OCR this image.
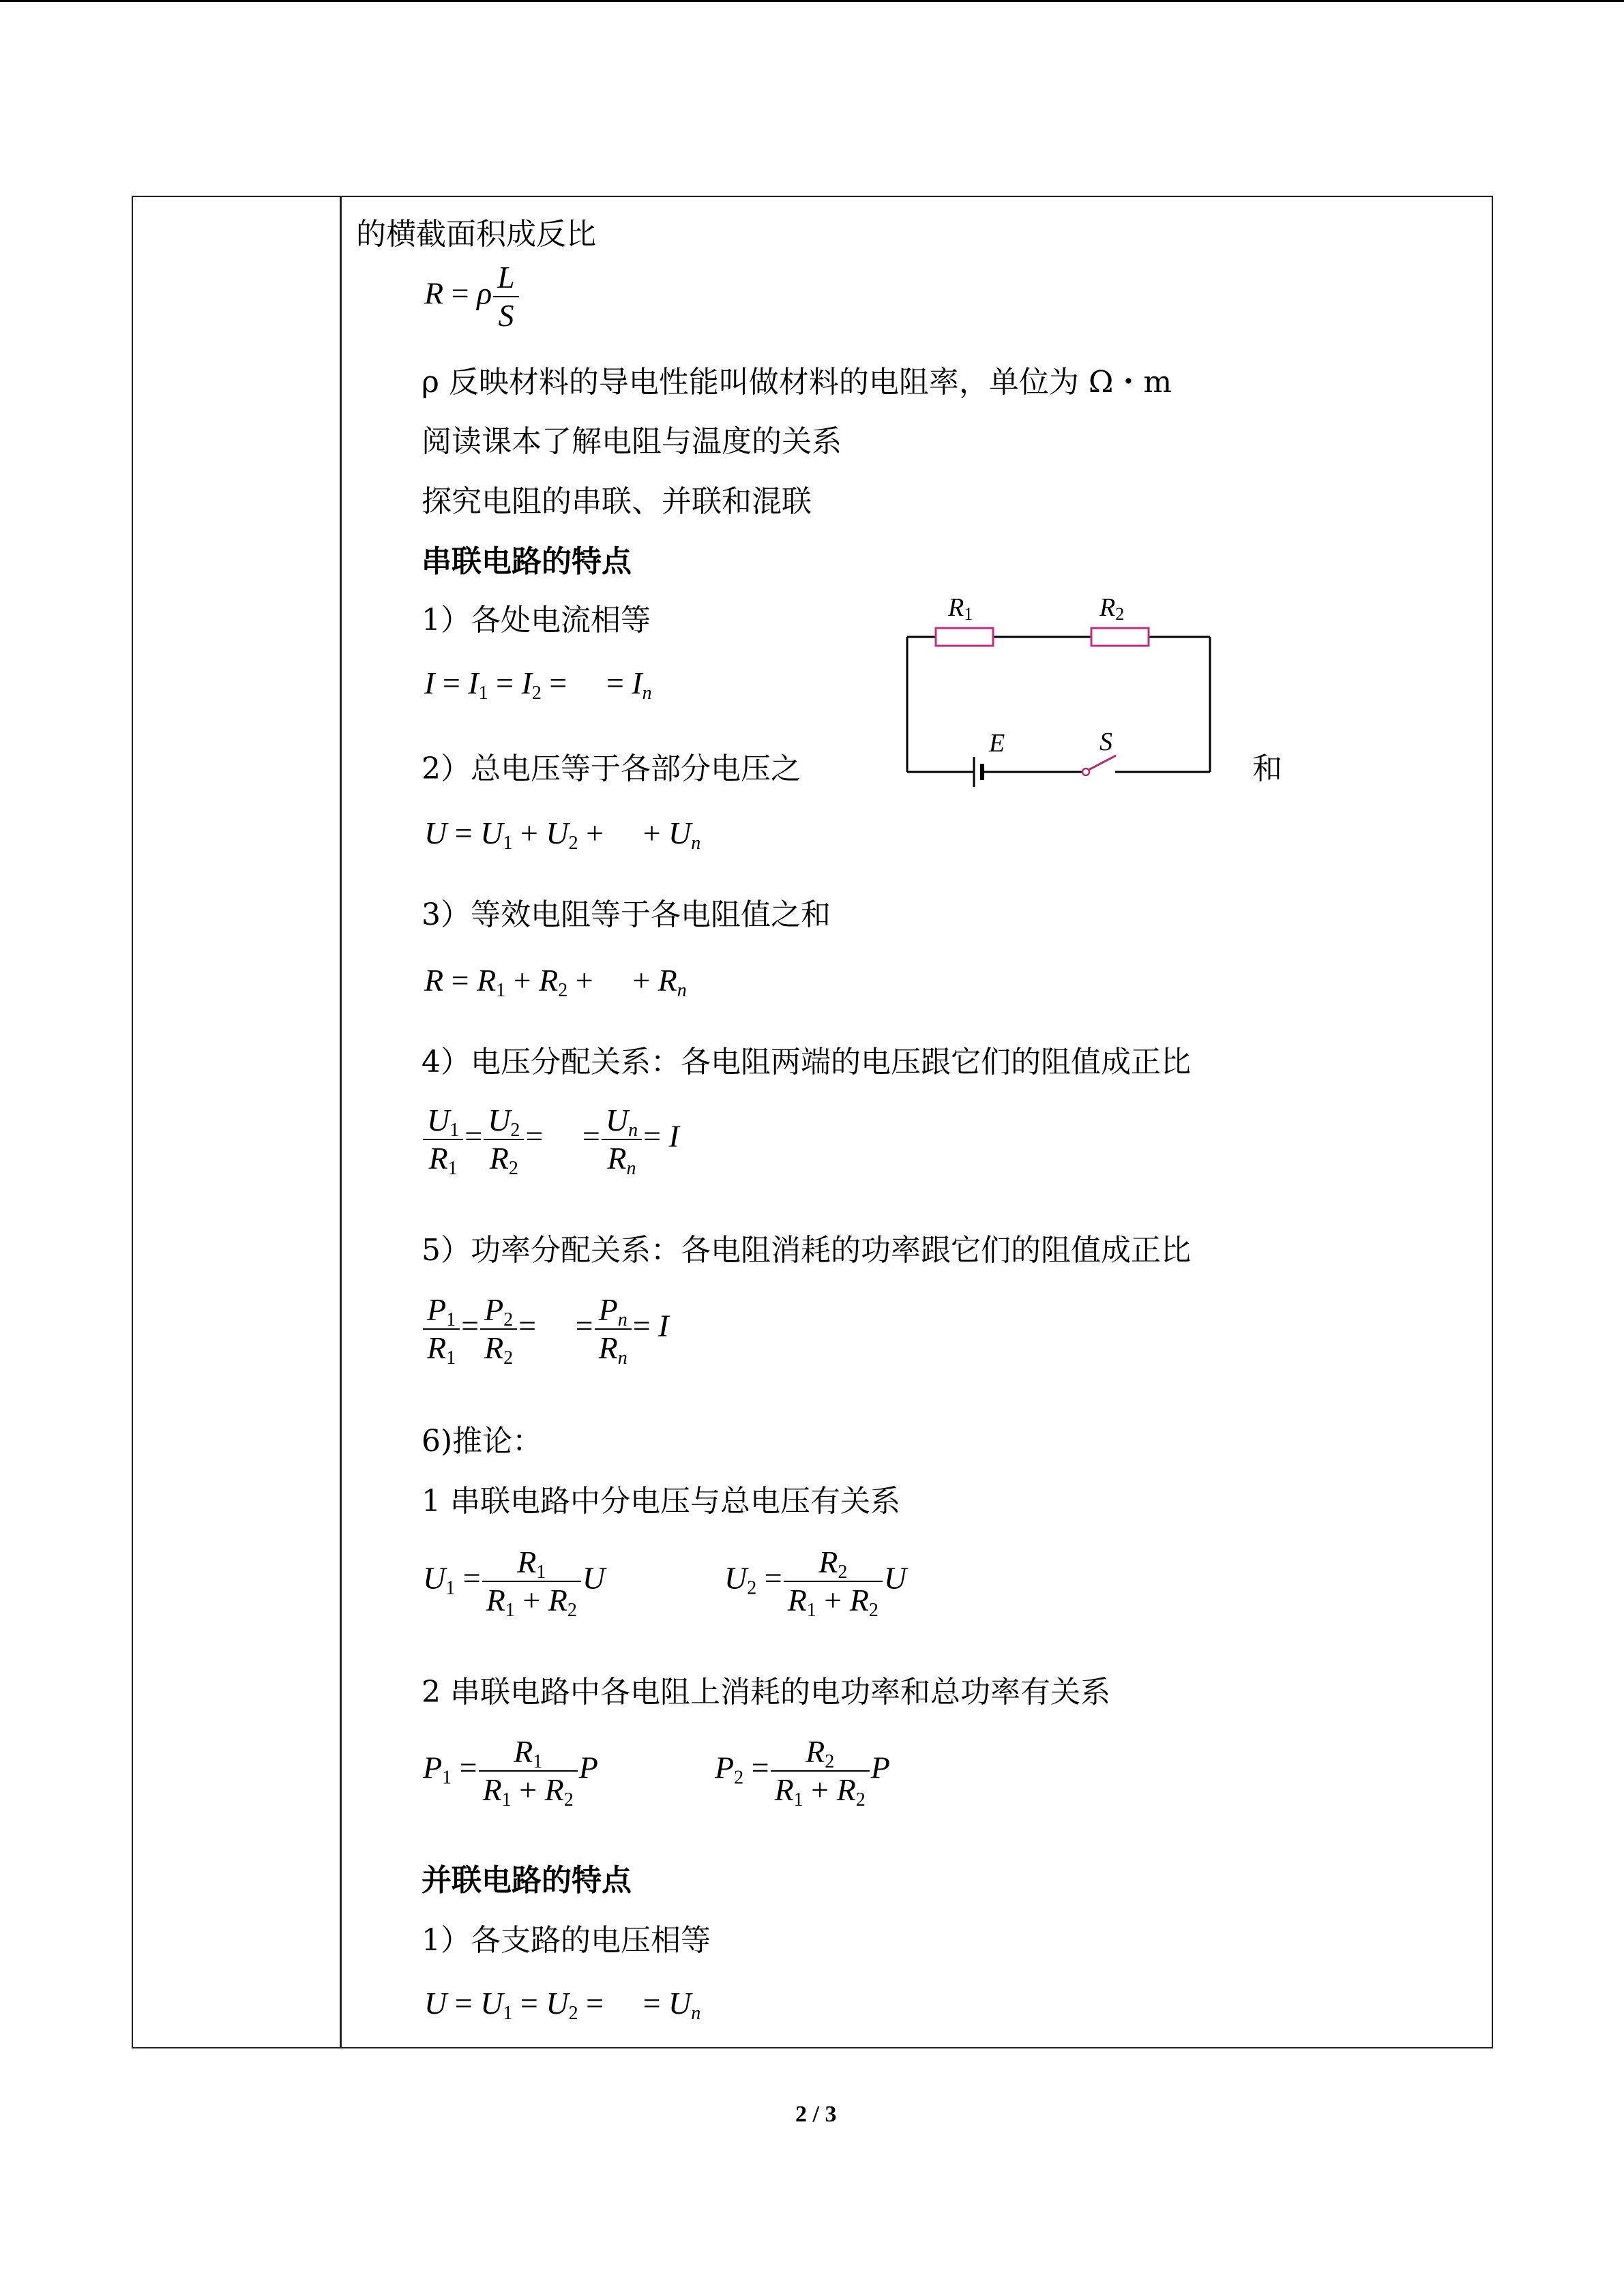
的横截面积成反比
R = ρ $\frac{L}{S}$
ρ 反映材料的导电性能叫做材料的电阻率，单位为 Ω・m
阅读课本了解电阻与温度的关系
探究电阻的串联、并联和混联
串联电路的特点
1）各处电流相等
$I = I_1 = I_2$ = = $I_n$
2）总电压等于各部分电压之	和
$U = U_1 + U_2$ + + $U_n$
3）等效电阻等于各电阻值之和
$R = R_1 + R_2$ + + $R_n$
4）电压分配关系：各电阻两端的电压跟它们的阻值成正比
$\frac{U_1}{R_1} = \frac{U_2}{R_2}$ = = $\frac{U_n}{R_n} = I$
5）功率分配关系：各电阻消耗的功率跟它们的阻值成正比
$\frac{P_1}{R_1} = \frac{P_2}{R_2}$ = = $\frac{P_n}{R_n} = I$
6)推论：
1 串联电路中分电压与总电压有关系
$U_1 = \frac{R_1}{R_1 + R_2}$ U	$U_2 = \frac{R_2}{R_1 + R_2}$ U
2 串联电路中各电阻上消耗的电功率和总功率有关系
$P_1 = \frac{R_1}{R_1 + R_2}$ P	$P_2 = \frac{R_2}{R_1 + R_2}$ P
并联电路的特点
1）各支路的电压相等
$U = U_1 = U_2$ = = $U_n$
R1	R2
E	S
2 / 3
